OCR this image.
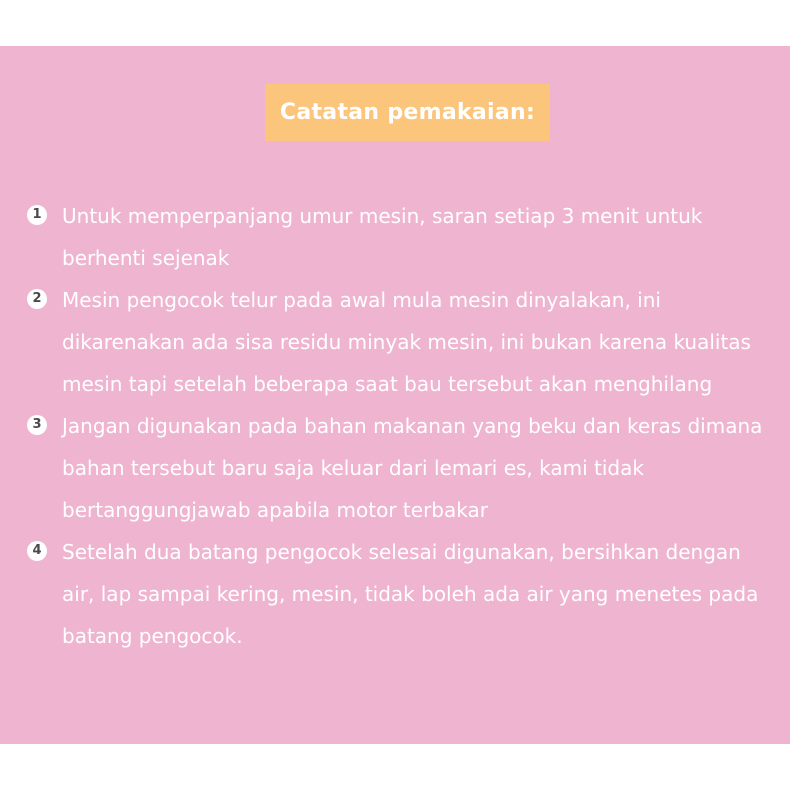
Catatan pemakaian:
1 Untuk memperpanjang umur mesin, saran setiap 3 menit untuk berhenti sejenak
2 Mesin pengocok telur pada awal mula mesin dinyalakan, ini dikarenakan ada sisa residu minyak mesin, ini bukan karena kualitas mesin tapi setelah beberapa saat bau tersebut akan menghilang
3 Jangan digunakan pada bahan makanan yang beku dan keras dimana bahan tersebut baru saja keluar dari lemari es, kami tidak bertanggungjawab apabila motor terbakar
4 Setelah dua batang pengocok selesai digunakan, bersihkan dengan air, lap sampai kering, mesin, tidak boleh ada air yang menetes pada batang pengocok.
